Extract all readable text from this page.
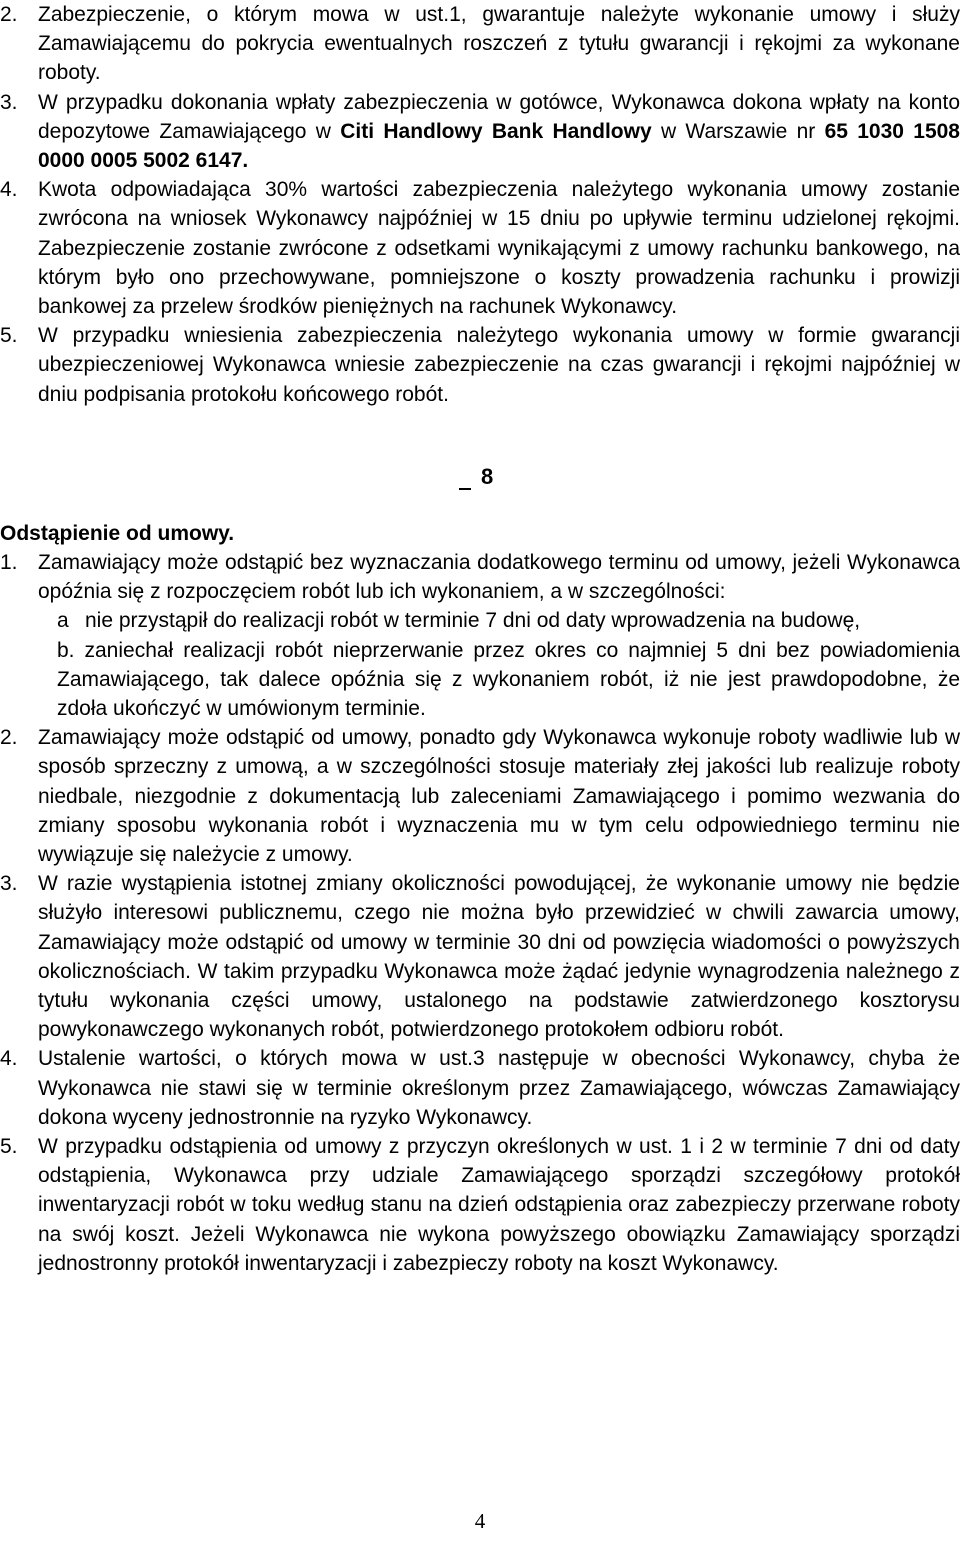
2. Zabezpieczenie, o którym mowa w ust.1, gwarantuje należyte wykonanie umowy i służy Zamawiającemu do pokrycia ewentualnych roszczeń z tytułu gwarancji i rękojmi za wykonane roboty.
3. W przypadku dokonania wpłaty zabezpieczenia w gotówce, Wykonawca dokona wpłaty na konto depozytowe Zamawiającego w Citi Handlowy Bank Handlowy w Warszawie nr 65 1030 1508 0000 0005 5002 6147.
4. Kwota odpowiadająca 30% wartości zabezpieczenia należytego wykonania umowy zostanie zwrócona na wniosek Wykonawcy najpóźniej w 15 dniu po upływie terminu udzielonej rękojmi. Zabezpieczenie zostanie zwrócone z odsetkami wynikającymi z umowy rachunku bankowego, na którym było ono przechowywane, pomniejszone o koszty prowadzenia rachunku i prowizji bankowej za przelew środków pieniężnych na rachunek Wykonawcy.
5. W przypadku wniesienia zabezpieczenia należytego wykonania umowy w formie gwarancji ubezpieczeniowej Wykonawca wniesie zabezpieczenie na czas gwarancji i rękojmi najpóźniej w dniu podpisania protokołu końcowego robót.
8
Odstąpienie od umowy.
1. Zamawiający może odstąpić bez wyznaczania dodatkowego terminu od umowy, jeżeli Wykonawca opóźnia się z rozpoczęciem robót lub ich wykonaniem, a w szczególności:
a nie przystąpił do realizacji robót w terminie 7 dni od daty wprowadzenia na budowę,
b. zaniechał realizacji robót nieprzerwanie przez okres co najmniej 5 dni bez powiadomienia Zamawiającego, tak dalece opóźnia się z wykonaniem robót, iż nie jest prawdopodobne, że zdoła ukończyć w umówionym terminie.
2. Zamawiający może odstąpić od umowy, ponadto gdy Wykonawca wykonuje roboty wadliwie lub w sposób sprzeczny z umową, a w szczególności stosuje materiały złej jakości lub realizuje roboty niedbale, niezgodnie z dokumentacją lub zaleceniami Zamawiającego i pomimo wezwania do zmiany sposobu wykonania robót i wyznaczenia mu w tym celu odpowiedniego terminu nie wywiązuje się należycie z umowy.
3. W razie wystąpienia istotnej zmiany okoliczności powodującej, że wykonanie umowy nie będzie służyło interesowi publicznemu, czego nie można było przewidzieć w chwili zawarcia umowy, Zamawiający może odstąpić od umowy w terminie 30 dni od powzięcia wiadomości o powyższych okolicznościach. W takim przypadku Wykonawca może żądać jedynie wynagrodzenia należnego z tytułu wykonania części umowy, ustalonego na podstawie zatwierdzonego kosztorysu powykonawczego wykonanych robót, potwierdzonego protokołem odbioru robót.
4. Ustalenie wartości, o których mowa w ust.3 następuje w obecności Wykonawcy, chyba że Wykonawca nie stawi się w terminie określonym przez Zamawiającego, wówczas Zamawiający dokona wyceny jednostronnie na ryzyko Wykonawcy.
5. W przypadku odstąpienia od umowy z przyczyn określonych w ust. 1 i 2 w terminie 7 dni od daty odstąpienia, Wykonawca przy udziale Zamawiającego sporządzi szczegółowy protokół inwentaryzacji robót w toku według stanu na dzień odstąpienia oraz zabezpieczy przerwane roboty na swój koszt. Jeżeli Wykonawca nie wykona powyższego obowiązku Zamawiający sporządzi jednostronny protokół inwentaryzacji i zabezpieczy roboty na koszt Wykonawcy.
4
